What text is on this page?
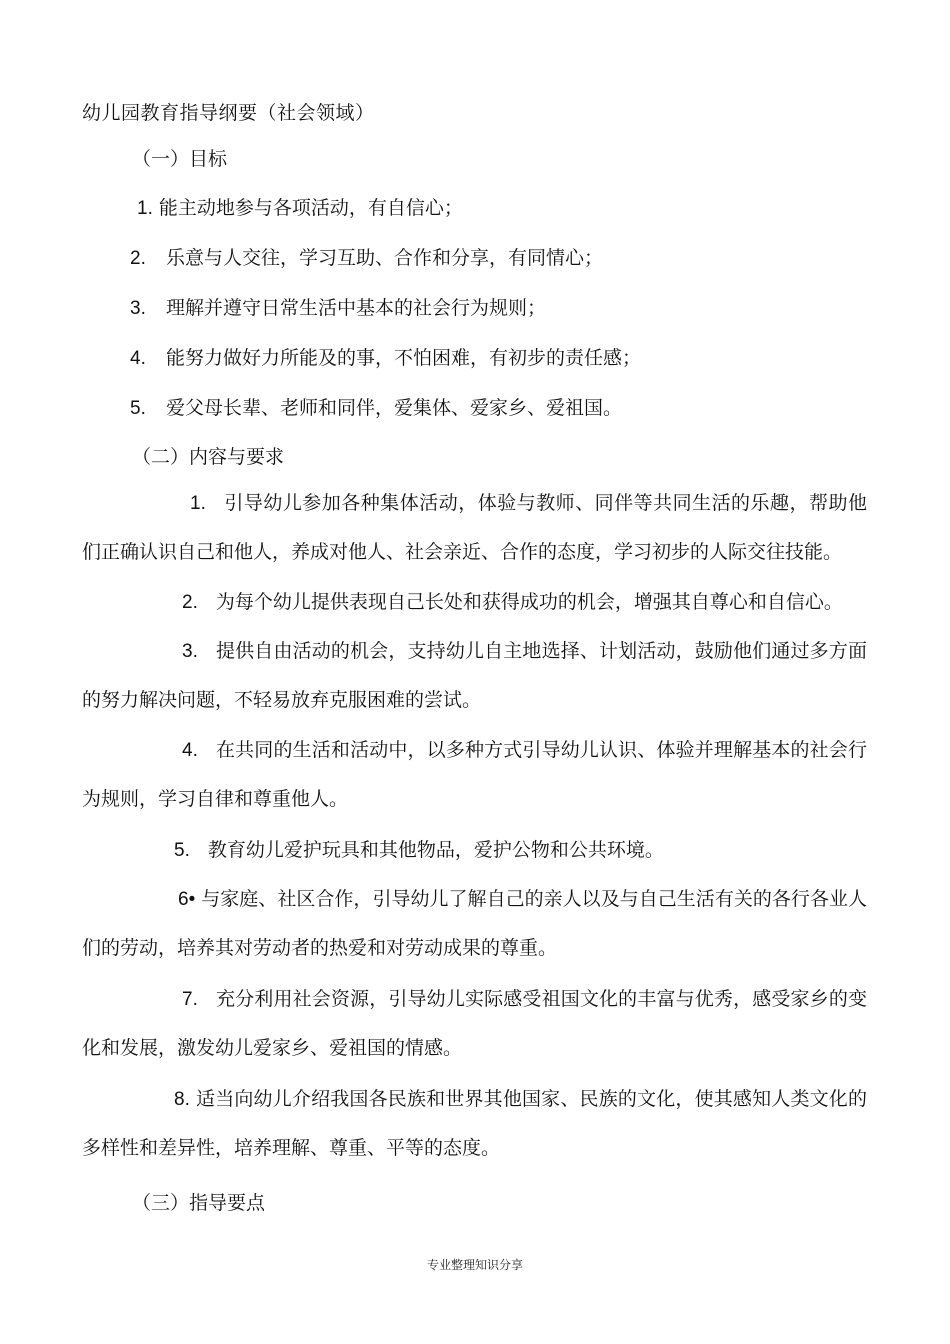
幼儿园教育指导纲要（社会领域）
（一）目标
1. 能主动地参与各项活动，有自信心；
2. 乐意与人交往，学习互助、合作和分享，有同情心；
3. 理解并遵守日常生活中基本的社会行为规则；
4. 能努力做好力所能及的事，不怕困难，有初步的责任感；
5. 爱父母长辈、老师和同伴，爱集体、爱家乡、爱祖国。
（二）内容与要求
1. 引导幼儿参加各种集体活动，体验与教师、同伴等共同生活的乐趣，帮助他们正确认识自己和他人，养成对他人、社会亲近、合作的态度，学习初步的人际交往技能。
2. 为每个幼儿提供表现自己长处和获得成功的机会，增强其自尊心和自信心。
3. 提供自由活动的机会，支持幼儿自主地选择、计划活动，鼓励他们通过多方面的努力解决问题，不轻易放弃克服困难的尝试。
4. 在共同的生活和活动中，以多种方式引导幼儿认识、体验并理解基本的社会行为规则，学习自律和尊重他人。
5. 教育幼儿爱护玩具和其他物品，爱护公物和公共环境。
6• 与家庭、社区合作，引导幼儿了解自己的亲人以及与自己生活有关的各行各业人们的劳动，培养其对劳动者的热爱和对劳动成果的尊重。
7. 充分利用社会资源，引导幼儿实际感受祖国文化的丰富与优秀，感受家乡的变化和发展，激发幼儿爱家乡、爱祖国的情感。
8. 适当向幼儿介绍我国各民族和世界其他国家、民族的文化，使其感知人类文化的多样性和差异性，培养理解、尊重、平等的态度。
（三）指导要点
专业整理知识分享
